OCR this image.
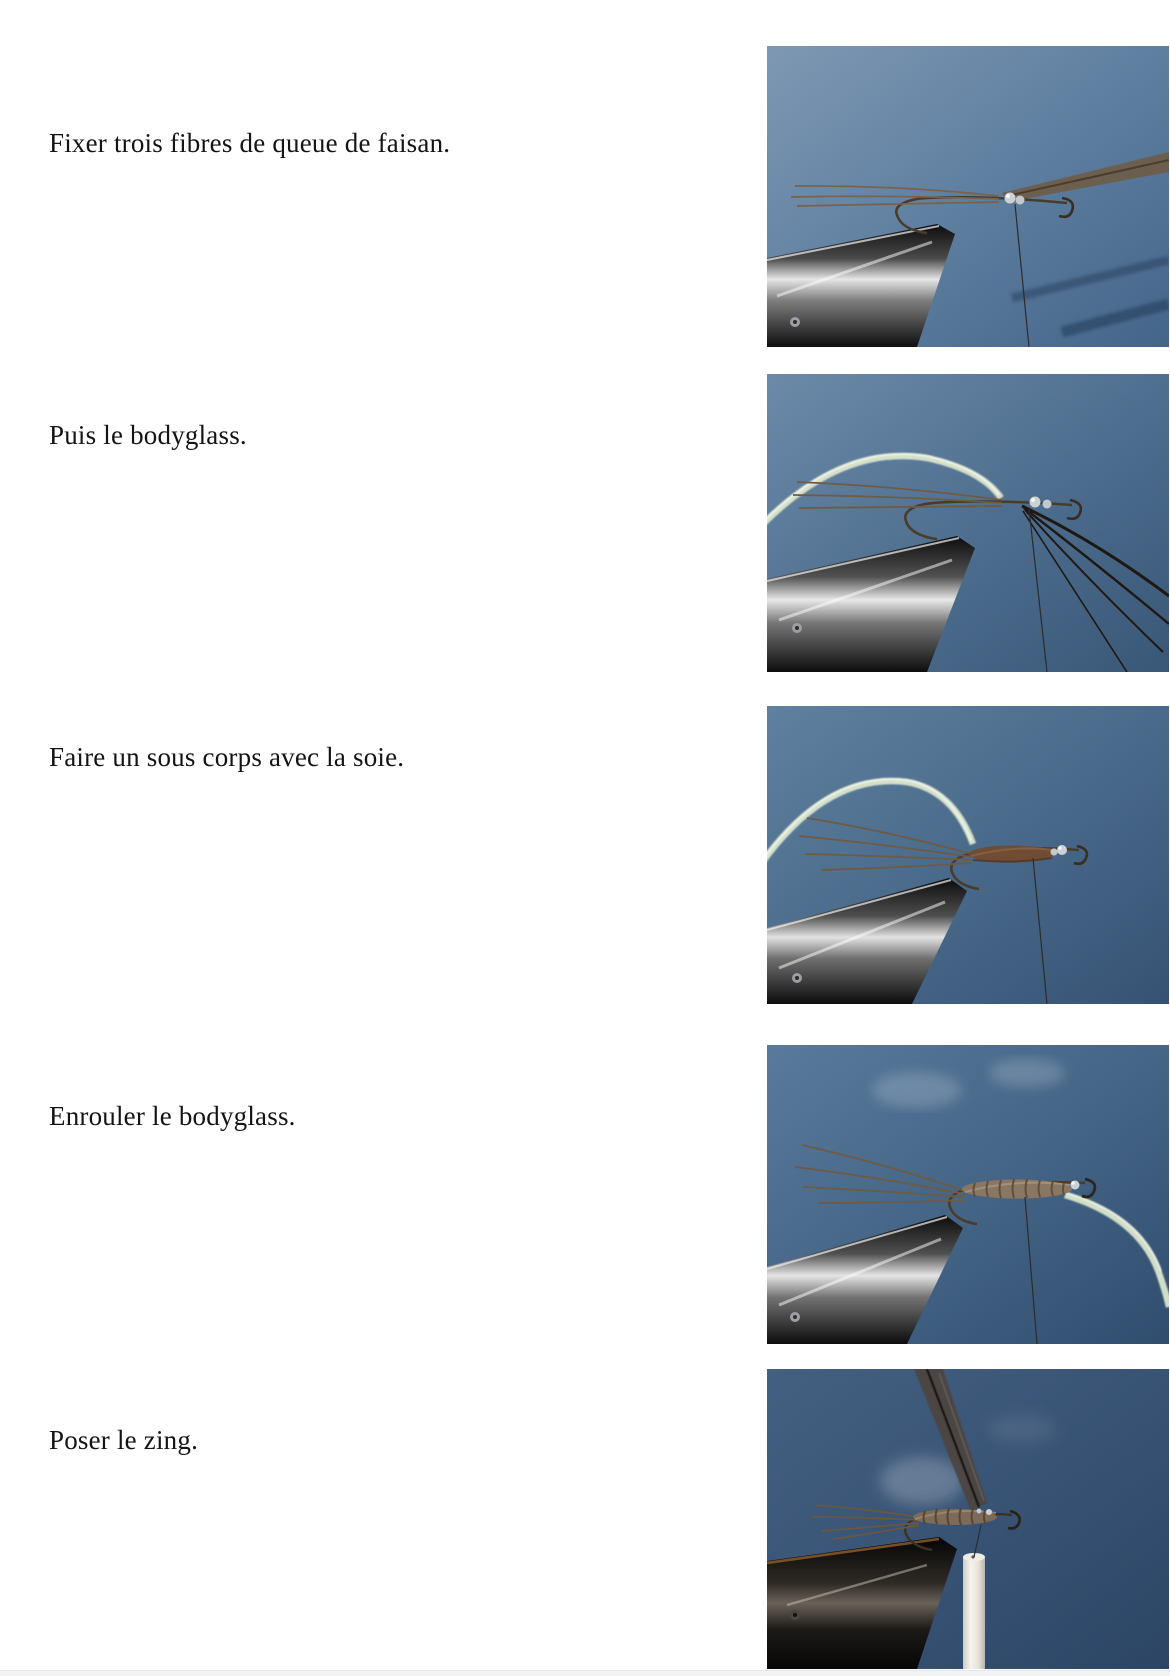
Fixer trois fibres de queue de faisan.

Puis le bodyglass.

Faire un sous corps avec la soie.

Enrouler le bodyglass.

Poser le zing.
